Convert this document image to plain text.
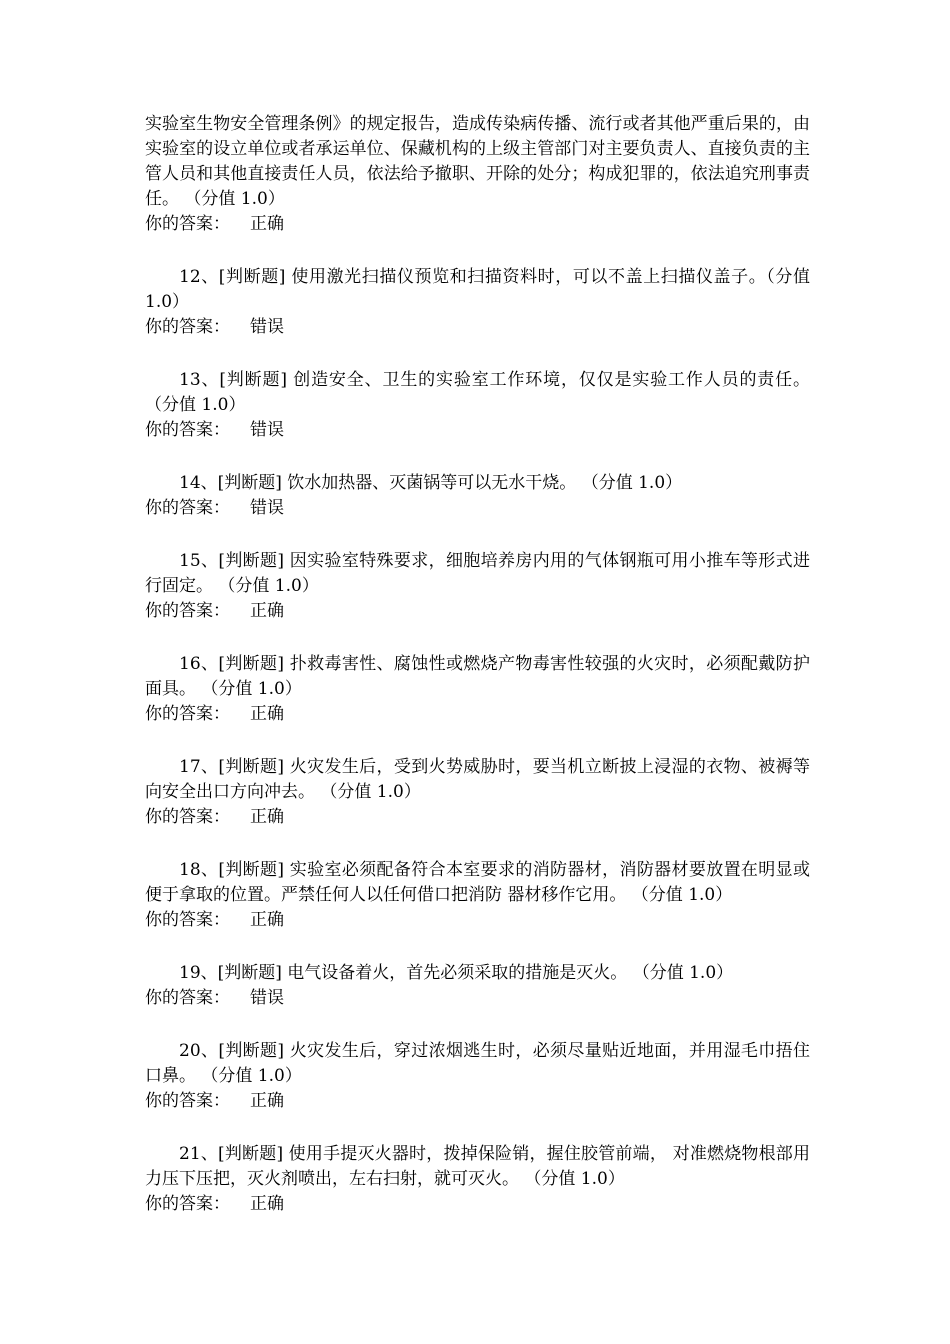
实验室生物安全管理条例》的规定报告，造成传染病传播、流行或者其他严重后果的，由实验室的设立单位或者承运单位、保藏机构的上级主管部门对主要负责人、直接负责的主管人员和其他直接责任人员，依法给予撤职、开除的处分；构成犯罪的，依法追究刑事责任。 （分值 1.0）

你的答案： 正确

12、[判断题] 使用激光扫描仪预览和扫描资料时，可以不盖上扫描仪盖子。（分值 1.0）

你的答案： 错误

13、[判断题] 创造安全、卫生的实验室工作环境，仅仅是实验工作人员的责任。 （分值 1.0）

你的答案： 错误

14、[判断题] 饮水加热器、灭菌锅等可以无水干烧。 （分值 1.0）

你的答案： 错误

15、[判断题] 因实验室特殊要求，细胞培养房内用的气体钢瓶可用小推车等形式进行固定。 （分值 1.0）

你的答案： 正确

16、[判断题] 扑救毒害性、腐蚀性或燃烧产物毒害性较强的火灾时，必须配戴防护面具。 （分值 1.0）

你的答案： 正确

17、[判断题] 火灾发生后，受到火势威胁时，要当机立断披上浸湿的衣物、被褥等向安全出口方向冲去。 （分值 1.0）

你的答案： 正确

18、[判断题] 实验室必须配备符合本室要求的消防器材，消防器材要放置在明显或便于拿取的位置。严禁任何人以任何借口把消防 器材移作它用。 （分值 1.0）

你的答案： 正确

19、[判断题] 电气设备着火，首先必须采取的措施是灭火。 （分值 1.0）

你的答案： 错误

20、[判断题] 火灾发生后，穿过浓烟逃生时，必须尽量贴近地面，并用湿毛巾捂住口鼻。 （分值 1.0）

你的答案： 正确

21、[判断题] 使用手提灭火器时，拨掉保险销，握住胶管前端， 对准燃烧物根部用力压下压把，灭火剂喷出，左右扫射，就可灭火。 （分值 1.0）

你的答案： 正确
